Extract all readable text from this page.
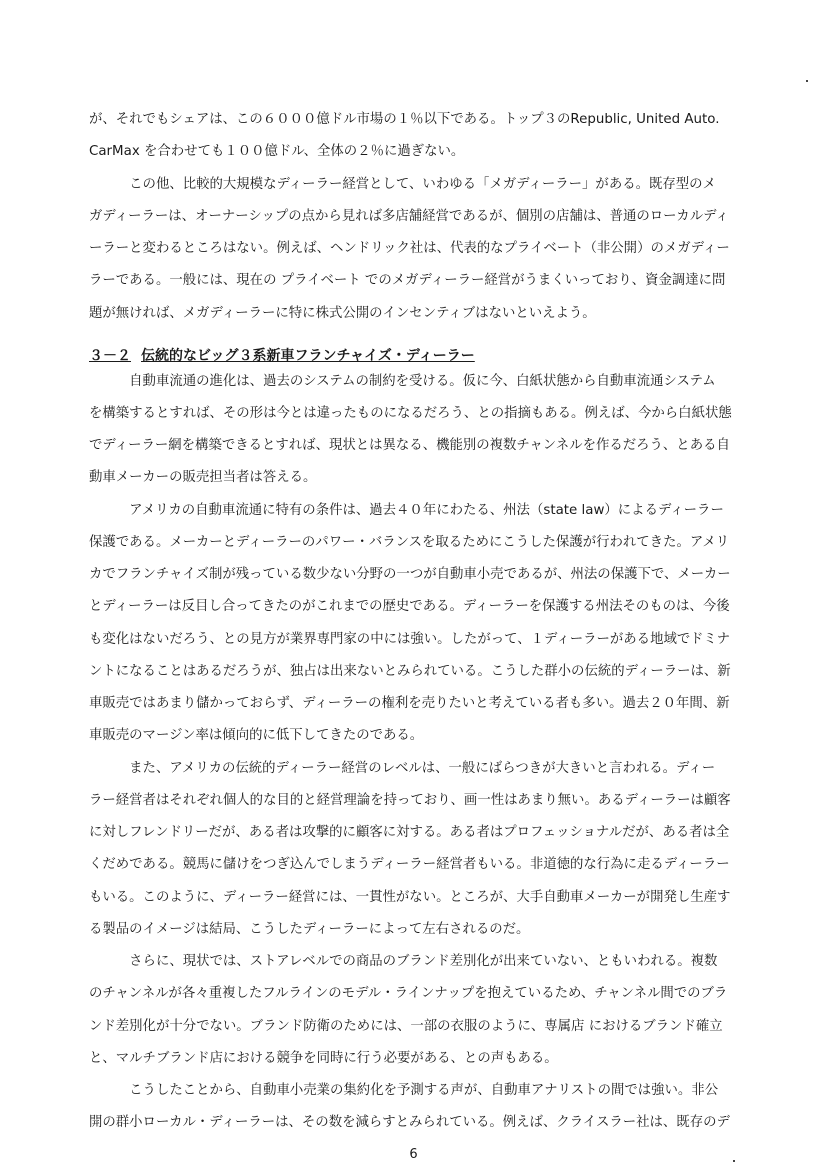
が、それでもシェアは、この６０００億ドル市場の１％以下である。トップ３のRepublic, United Auto.
CarMax を合わせても１００億ドル、全体の２％に過ぎない。
　　　この他、比較的大規模なディーラー経営として、いわゆる「メガディーラー」がある。既存型のメ
ガディーラーは、オーナーシップの点から見れば多店舗経営であるが、個別の店舗は、普通のローカルディ
ーラーと変わるところはない。例えば、ヘンドリック社は、代表的なプライベート（非公開）のメガディー
ラーである。一般には、現在の プライベート でのメガディーラー経営がうまくいっており、資金調達に問
題が無ければ、メガディーラーに特に株式公開のインセンティブはないといえよう。
３－２ 伝統的なビッグ３系新車フランチャイズ・ディーラー
　　　自動車流通の進化は、過去のシステムの制約を受ける。仮に今、白紙状態から自動車流通システム
を構築するとすれば、その形は今とは違ったものになるだろう、との指摘もある。例えば、今から白紙状態
でディーラー網を構築できるとすれば、現状とは異なる、機能別の複数チャンネルを作るだろう、とある自
動車メーカーの販売担当者は答える。
　　　アメリカの自動車流通に特有の条件は、過去４０年にわたる、州法（state law）によるディーラー
保護である。メーカーとディーラーのパワー・バランスを取るためにこうした保護が行われてきた。アメリ
カでフランチャイズ制が残っている数少ない分野の一つが自動車小売であるが、州法の保護下で、メーカー
とディーラーは反目し合ってきたのがこれまでの歴史である。ディーラーを保護する州法そのものは、今後
も変化はないだろう、との見方が業界専門家の中には強い。したがって、１ディーラーがある地域でドミナ
ントになることはあるだろうが、独占は出来ないとみられている。こうした群小の伝統的ディーラーは、新
車販売ではあまり儲かっておらず、ディーラーの権利を売りたいと考えている者も多い。過去２０年間、新
車販売のマージン率は傾向的に低下してきたのである。
　　　また、アメリカの伝統的ディーラー経営のレベルは、一般にばらつきが大きいと言われる。ディー
ラー経営者はそれぞれ個人的な目的と経営理論を持っており、画一性はあまり無い。あるディーラーは顧客
に対しフレンドリーだが、ある者は攻撃的に顧客に対する。ある者はプロフェッショナルだが、ある者は全
くだめである。競馬に儲けをつぎ込んでしまうディーラー経営者もいる。非道徳的な行為に走るディーラー
もいる。このように、ディーラー経営には、一貫性がない。ところが、大手自動車メーカーが開発し生産す
る製品のイメージは結局、こうしたディーラーによって左右されるのだ。
　　　さらに、現状では、ストアレベルでの商品のブランド差別化が出来ていない、ともいわれる。複数
のチャンネルが各々重複したフルラインのモデル・ラインナップを抱えているため、チャンネル間でのブラ
ンド差別化が十分でない。ブランド防衛のためには、一部の衣服のように、専属店 におけるブランド確立
と、マルチブランド店における競争を同時に行う必要がある、との声もある。
　　　こうしたことから、自動車小売業の集約化を予測する声が、自動車アナリストの間では強い。非公
開の群小ローカル・ディーラーは、その数を減らすとみられている。例えば、クライスラー社は、既存のデ
6
